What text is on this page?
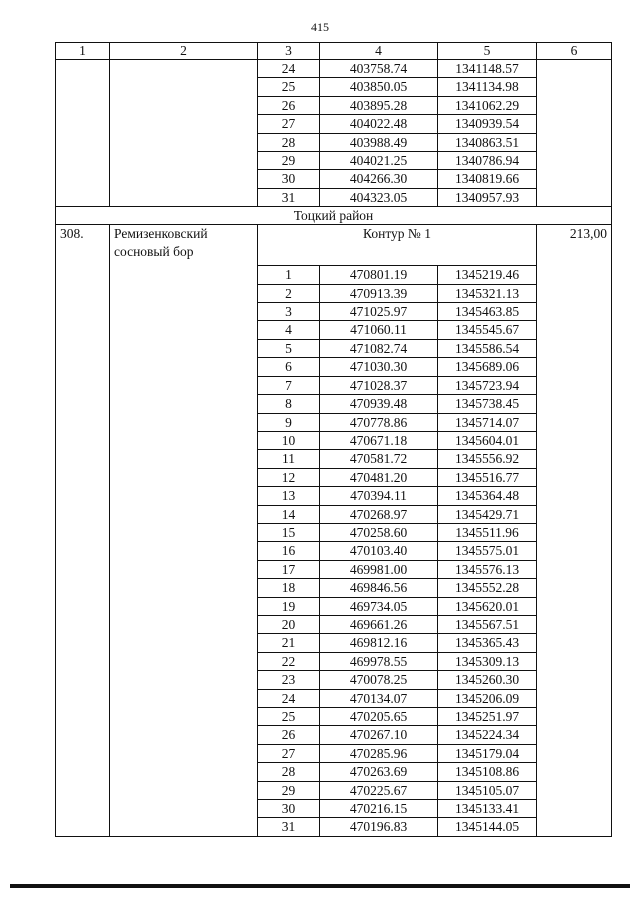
415
1	2	3	4	5	6
		24	403758.74	1341148.57	
		25	403850.05	1341134.98	
		26	403895.28	1341062.29	
		27	404022.48	1340939.54	
		28	403988.49	1340863.51	
		29	404021.25	1340786.94	
		30	404266.30	1340819.66	
		31	404323.05	1340957.93	
Тоцкий район					
308.	Ремизенковский сосновый бор	Контур № 1			213,00
		1	470801.19	1345219.46	
		2	470913.39	1345321.13	
		3	471025.97	1345463.85	
		4	471060.11	1345545.67	
		5	471082.74	1345586.54	
		6	471030.30	1345689.06	
		7	471028.37	1345723.94	
		8	470939.48	1345738.45	
		9	470778.86	1345714.07	
		10	470671.18	1345604.01	
		11	470581.72	1345556.92	
		12	470481.20	1345516.77	
		13	470394.11	1345364.48	
		14	470268.97	1345429.71	
		15	470258.60	1345511.96	
		16	470103.40	1345575.01	
		17	469981.00	1345576.13	
		18	469846.56	1345552.28	
		19	469734.05	1345620.01	
		20	469661.26	1345567.51	
		21	469812.16	1345365.43	
		22	469978.55	1345309.13	
		23	470078.25	1345260.30	
		24	470134.07	1345206.09	
		25	470205.65	1345251.97	
		26	470267.10	1345224.34	
		27	470285.96	1345179.04	
		28	470263.69	1345108.86	
		29	470225.67	1345105.07	
		30	470216.15	1345133.41	
		31	470196.83	1345144.05	
